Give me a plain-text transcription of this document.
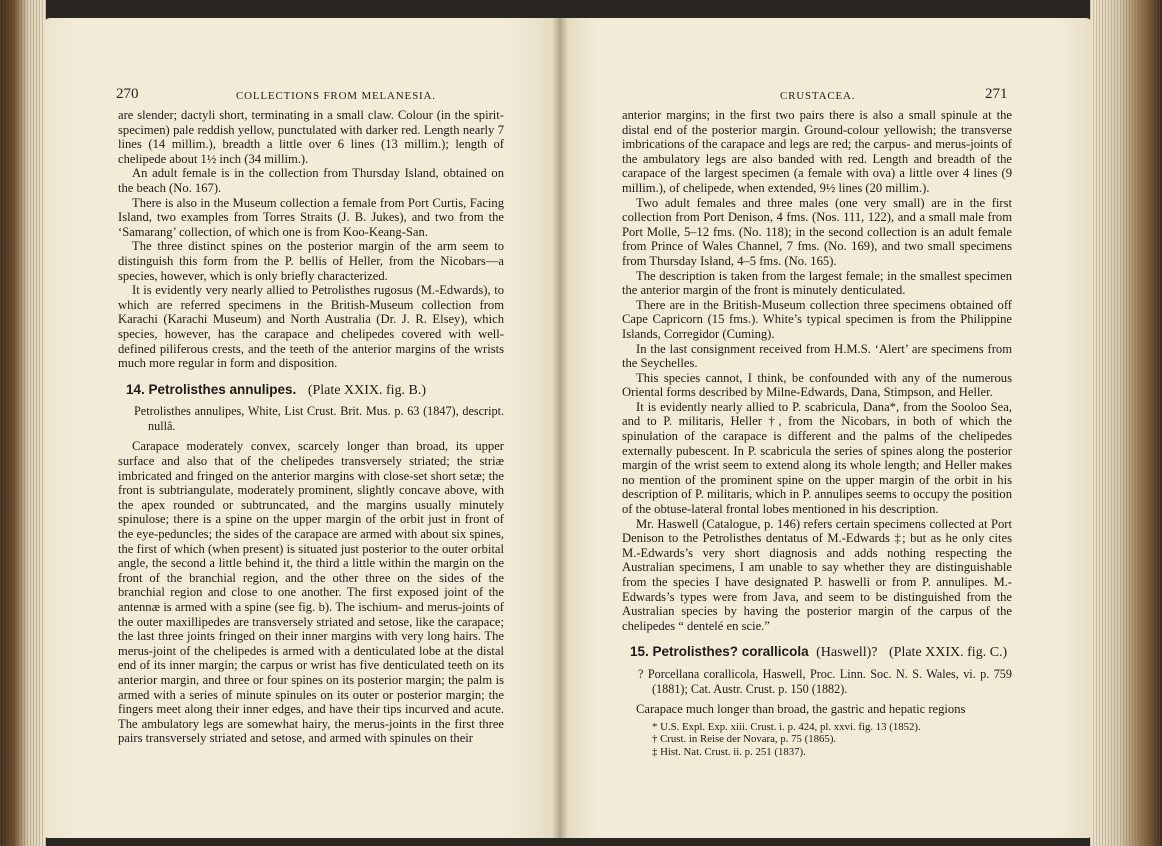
270	COLLECTIONS FROM MELANESIA.	CRUSTACEA.	271

are slender; dactyli short, terminating in a small claw. Colour (in the spirit-specimen) pale reddish yellow, punctulated with darker red. Length nearly 7 lines (14 millim.), breadth a little over 6 lines (13 millim.); length of chelipede about 1½ inch (34 millim.).

An adult female is in the collection from Thursday Island, obtained on the beach (No. 167).

There is also in the Museum collection a female from Port Curtis, Facing Island, two examples from Torres Straits (J. B. Jukes), and two from the ‘Samarang’ collection, of which one is from Koo-Keang-San.

The three distinct spines on the posterior margin of the arm seem to distinguish this form from the P. bellis of Heller, from the Nicobars—a species, however, which is only briefly characterized.

It is evidently very nearly allied to Petrolisthes rugosus (M.-Edwards), to which are referred specimens in the British-Museum collection from Karachi (Karachi Museum) and North Australia (Dr. J. R. Elsey), which species, however, has the carapace and chelipedes covered with well-defined piliferous crests, and the teeth of the anterior margins of the wrists much more regular in form and disposition.

14. Petrolisthes annulipes. (Plate XXIX. fig. B.)

Petrolisthes annulipes, White, List Crust. Brit. Mus. p. 63 (1847), descript. nullâ.

Carapace moderately convex, scarcely longer than broad, its upper surface and also that of the chelipedes transversely striated; the striæ imbricated and fringed on the anterior margins with close-set short setæ; the front is subtriangulate, moderately prominent, slightly concave above, with the apex rounded or subtruncated, and the margins usually minutely spinulose; there is a spine on the upper margin of the orbit just in front of the eye-peduncles; the sides of the carapace are armed with about six spines, the first of which (when present) is situated just posterior to the outer orbital angle, the second a little behind it, the third a little within the margin on the front of the branchial region, and the other three on the sides of the branchial region and close to one another. The first exposed joint of the antennæ is armed with a spine (see fig. b). The ischium- and merus-joints of the outer maxillipedes are transversely striated and setose, like the carapace; the last three joints fringed on their inner margins with very long hairs. The merus-joint of the chelipedes is armed with a denticulated lobe at the distal end of its inner margin; the carpus or wrist has five denticulated teeth on its anterior margin, and three or four spines on its posterior margin; the palm is armed with a series of minute spinules on its outer or posterior margin; the fingers meet along their inner edges, and have their tips incurved and acute. The ambulatory legs are somewhat hairy, the merus-joints in the first three pairs transversely striated and setose, and armed with spinules on their

anterior margins; in the first two pairs there is also a small spinule at the distal end of the posterior margin. Ground-colour yellowish; the transverse imbrications of the carapace and legs are red; the carpus- and merus-joints of the ambulatory legs are also banded with red. Length and breadth of the carapace of the largest specimen (a female with ova) a little over 4 lines (9 millim.), of chelipede, when extended, 9½ lines (20 millim.).

Two adult females and three males (one very small) are in the first collection from Port Denison, 4 fms. (Nos. 111, 122), and a small male from Port Molle, 5–12 fms. (No. 118); in the second collection is an adult female from Prince of Wales Channel, 7 fms. (No. 169), and two small specimens from Thursday Island, 4–5 fms. (No. 165).

The description is taken from the largest female; in the smallest specimen the anterior margin of the front is minutely denticulated.

There are in the British-Museum collection three specimens obtained off Cape Capricorn (15 fms.). White’s typical specimen is from the Philippine Islands, Corregidor (Cuming).

In the last consignment received from H.M.S. ‘Alert’ are specimens from the Seychelles.

This species cannot, I think, be confounded with any of the numerous Oriental forms described by Milne-Edwards, Dana, Stimpson, and Heller.

It is evidently nearly allied to P. scabricula, Dana*, from the Sooloo Sea, and to P. militaris, Heller †, from the Nicobars, in both of which the spinulation of the carapace is different and the palms of the chelipedes externally pubescent. In P. scabricula the series of spines along the posterior margin of the wrist seem to extend along its whole length; and Heller makes no mention of the prominent spine on the upper margin of the orbit in his description of P. militaris, which in P. annulipes seems to occupy the position of the obtuse-lateral frontal lobes mentioned in his description.

Mr. Haswell (Catalogue, p. 146) refers certain specimens collected at Port Denison to the Petrolisthes dentatus of M.-Edwards ‡; but as he only cites M.-Edwards’s very short diagnosis and adds nothing respecting the Australian specimens, I am unable to say whether they are distinguishable from the species I have designated P. haswelli or from P. annulipes. M.-Edwards’s types were from Java, and seem to be distinguished from the Australian species by having the posterior margin of the carpus of the chelipedes “ dentelé en scie.”

15. Petrolisthes? corallicola (Haswell)? (Plate XXIX. fig. C.)

? Porcellana corallicola, Haswell, Proc. Linn. Soc. N. S. Wales, vi. p. 759 (1881); Cat. Austr. Crust. p. 150 (1882).

Carapace much longer than broad, the gastric and hepatic regions

* U.S. Expl. Exp. xiii. Crust. i. p. 424, pl. xxvi. fig. 13 (1852).

† Crust. in Reise der Novara, p. 75 (1865).

‡ Hist. Nat. Crust. ii. p. 251 (1837).
